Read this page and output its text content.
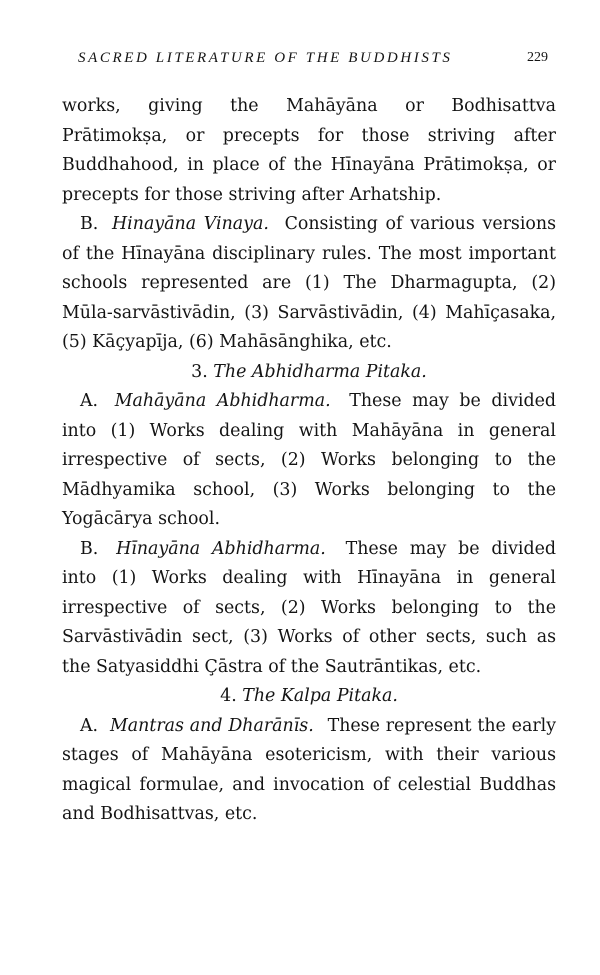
SACRED LITERATURE OF THE BUDDHISTS	229

works, giving the Mahāyāna or Bodhisattva Prātimokṣa, or precepts for those striving after Buddhahood, in place of the Hīnayāna Prātimokṣa, or precepts for those striving after Arhatship.

B. Hinayāna Vinaya. Consisting of various versions of the Hīnayāna disciplinary rules. The most important schools represented are (1) The Dharmagupta, (2) Mūla-sarvāstivādin, (3) Sarvāstivādin, (4) Mahīçasaka, (5) Kāçyapīja, (6) Mahāsānghika, etc.

3. The Abhidharma Pitaka.

A. Mahāyāna Abhidharma. These may be divided into (1) Works dealing with Mahāyāna in general irrespective of sects, (2) Works belonging to the Mādhyamika school, (3) Works belonging to the Yogācārya school.

B. Hīnayāna Abhidharma. These may be divided into (1) Works dealing with Hīnayāna in general irrespective of sects, (2) Works belonging to the Sarvāstivādin sect, (3) Works of other sects, such as the Satyasiddhi Çāstra of the Sautrāntikas, etc.

4. The Kalpa Pitaka.

A. Mantras and Dharānīs. These represent the early stages of Mahāyāna esotericism, with their various magical formulae, and invocation of celestial Buddhas and Bodhisattvas, etc.
